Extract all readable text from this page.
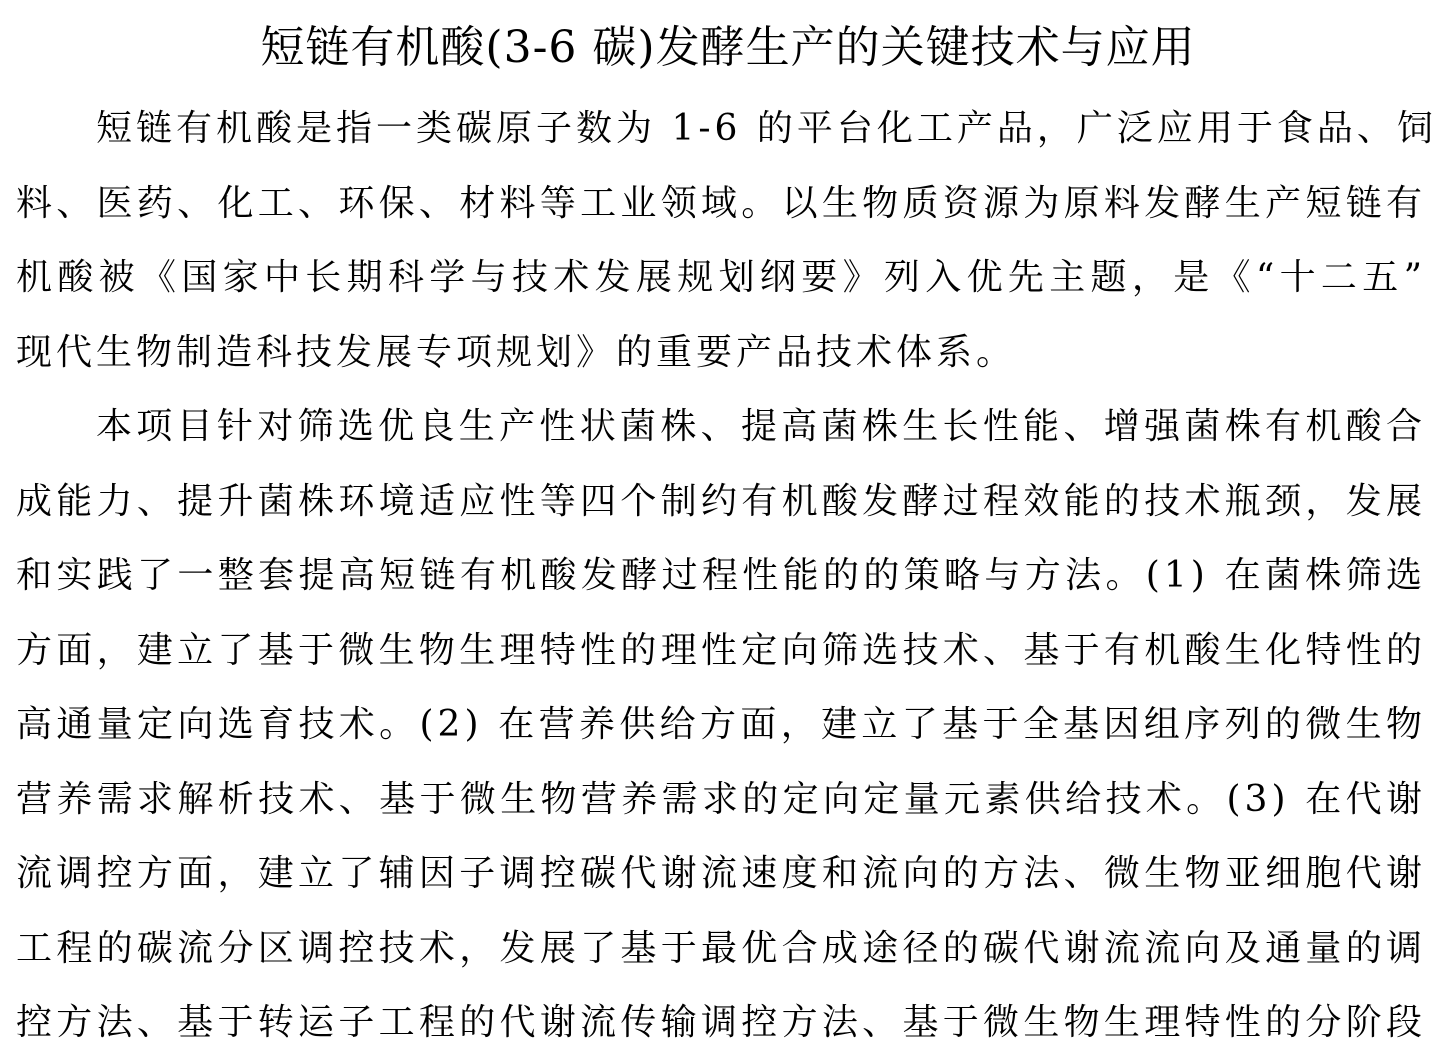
短链有机酸(3-6 碳)发酵生产的关键技术与应用

短链有机酸是指一类碳原子数为 1-6 的平台化工产品，广泛应用于食品、饲
料、医药、化工、环保、材料等工业领域。以生物质资源为原料发酵生产短链有
机酸被《国家中长期科学与技术发展规划纲要》列入优先主题，是《“十二五”
现代生物制造科技发展专项规划》的重要产品技术体系。

本项目针对筛选优良生产性状菌株、提高菌株生长性能、增强菌株有机酸合
成能力、提升菌株环境适应性等四个制约有机酸发酵过程效能的技术瓶颈，发展
和实践了一整套提高短链有机酸发酵过程性能的的策略与方法。(1) 在菌株筛选
方面，建立了基于微生物生理特性的理性定向筛选技术、基于有机酸生化特性的
高通量定向选育技术。(2) 在营养供给方面，建立了基于全基因组序列的微生物
营养需求解析技术、基于微生物营养需求的定向定量元素供给技术。(3) 在代谢
流调控方面，建立了辅因子调控碳代谢流速度和流向的方法、微生物亚细胞代谢
工程的碳流分区调控技术，发展了基于最优合成途径的碳代谢流流向及通量的调
控方法、基于转运子工程的代谢流传输调控方法、基于微生物生理特性的分阶段
